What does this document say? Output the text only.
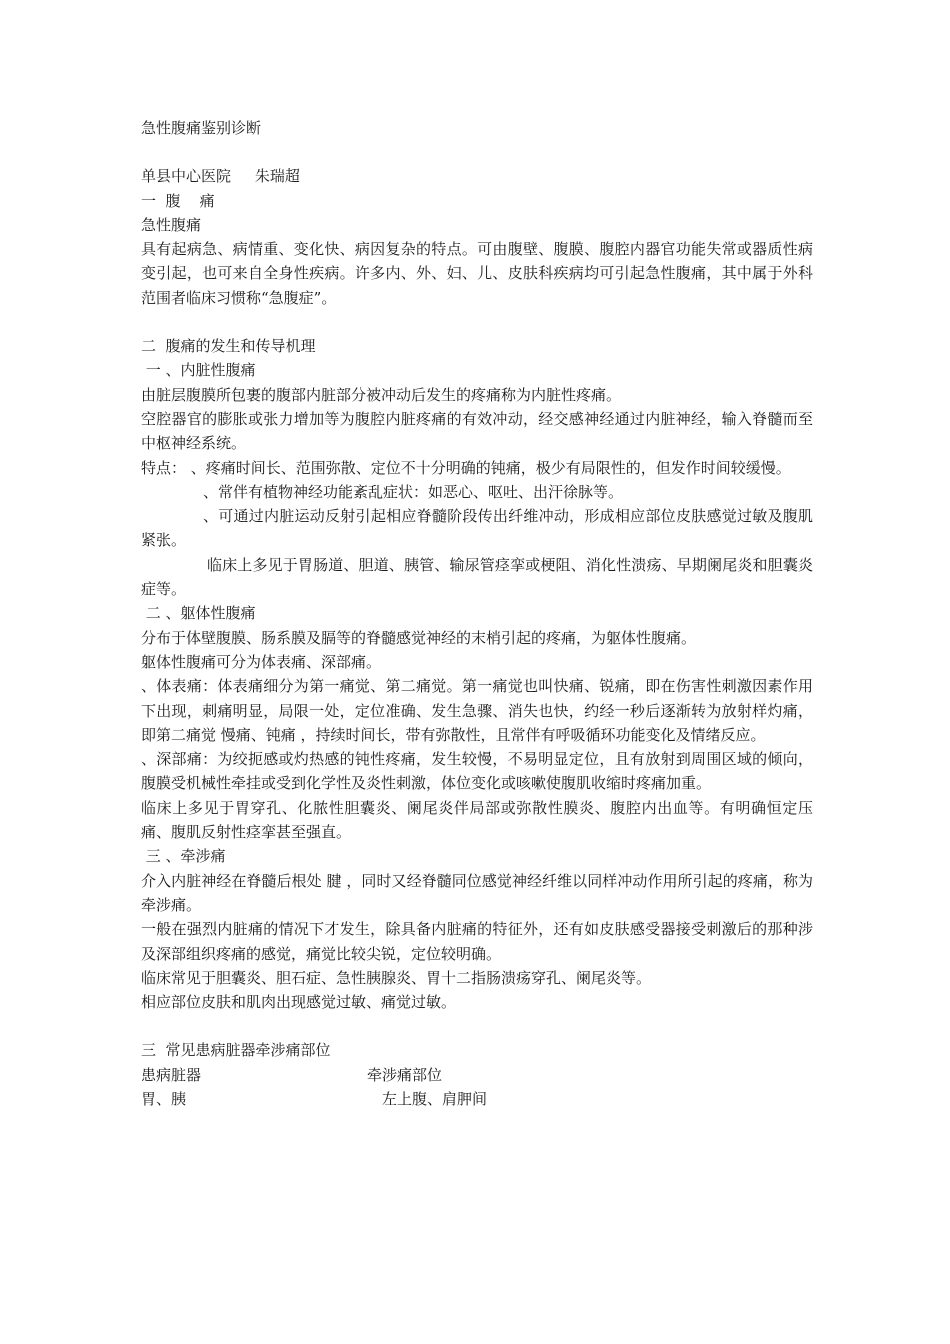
急性腹痛鉴别诊断
单县中心医院     朱瑞超
一  腹    痛
急性腹痛
具有起病急、病情重、变化快、病因复杂的特点。可由腹壁、腹膜、腹腔内器官功能失常或器质性病变引起，也可来自全身性疾病。许多内、外、妇、儿、皮肤科疾病均可引起急性腹痛，其中属于外科范围者临床习惯称“急腹症”。
二  腹痛的发生和传导机理
一 、内脏性腹痛
由脏层腹膜所包裹的腹部内脏部分被冲动后发生的疼痛称为内脏性疼痛。
空腔器官的膨胀或张力增加等为腹腔内脏疼痛的有效冲动，经交感神经通过内脏神经，输入脊髓而至中枢神经系统。
特点： 、疼痛时间长、范围弥散、定位不十分明确的钝痛，极少有局限性的，但发作时间较缓慢。
、常伴有植物神经功能紊乱症状：如恶心、呕吐、出汗徐脉等。
、可通过内脏运动反射引起相应脊髓阶段传出纤维冲动，形成相应部位皮肤感觉过敏及腹肌紧张。
临床上多见于胃肠道、胆道、胰管、输尿管痉挛或梗阻、消化性溃疡、早期阑尾炎和胆囊炎症等。
二 、躯体性腹痛
分布于体壁腹膜、肠系膜及膈等的脊髓感觉神经的末梢引起的疼痛，为躯体性腹痛。
躯体性腹痛可分为体表痛、深部痛。
、体表痛：体表痛细分为第一痛觉、第二痛觉。第一痛觉也叫快痛、锐痛，即在伤害性刺激因素作用下出现，刺痛明显，局限一处，定位准确、发生急骤、消失也快，约经一秒后逐渐转为放射样灼痛，即第二痛觉 慢痛、钝痛 ，持续时间长，带有弥散性，且常伴有呼吸循环功能变化及情绪反应。
、深部痛：为绞扼感或灼热感的钝性疼痛，发生较慢，不易明显定位，且有放射到周围区域的倾向，腹膜受机械性牵挂或受到化学性及炎性刺激，体位变化或咳嗽使腹肌收缩时疼痛加重。
临床上多见于胃穿孔、化脓性胆囊炎、阑尾炎伴局部或弥散性膜炎、腹腔内出血等。有明确恒定压痛、腹肌反射性痉挛甚至强直。
三 、牵涉痛
介入内脏神经在脊髓后根处 腱 ，同时又经脊髓同位感觉神经纤维以同样冲动作用所引起的疼痛，称为牵涉痛。
一般在强烈内脏痛的情况下才发生，除具备内脏痛的特征外，还有如皮肤感受器接受刺激后的那种涉及深部组织疼痛的感觉，痛觉比较尖锐，定位较明确。
临床常见于胆囊炎、胆石症、急性胰腺炎、胃十二指肠溃疡穿孔、阑尾炎等。
相应部位皮肤和肌肉出现感觉过敏、痛觉过敏。
三  常见患病脏器牵涉痛部位
患病脏器	牵涉痛部位
胃、胰	左上腹、肩胛间
